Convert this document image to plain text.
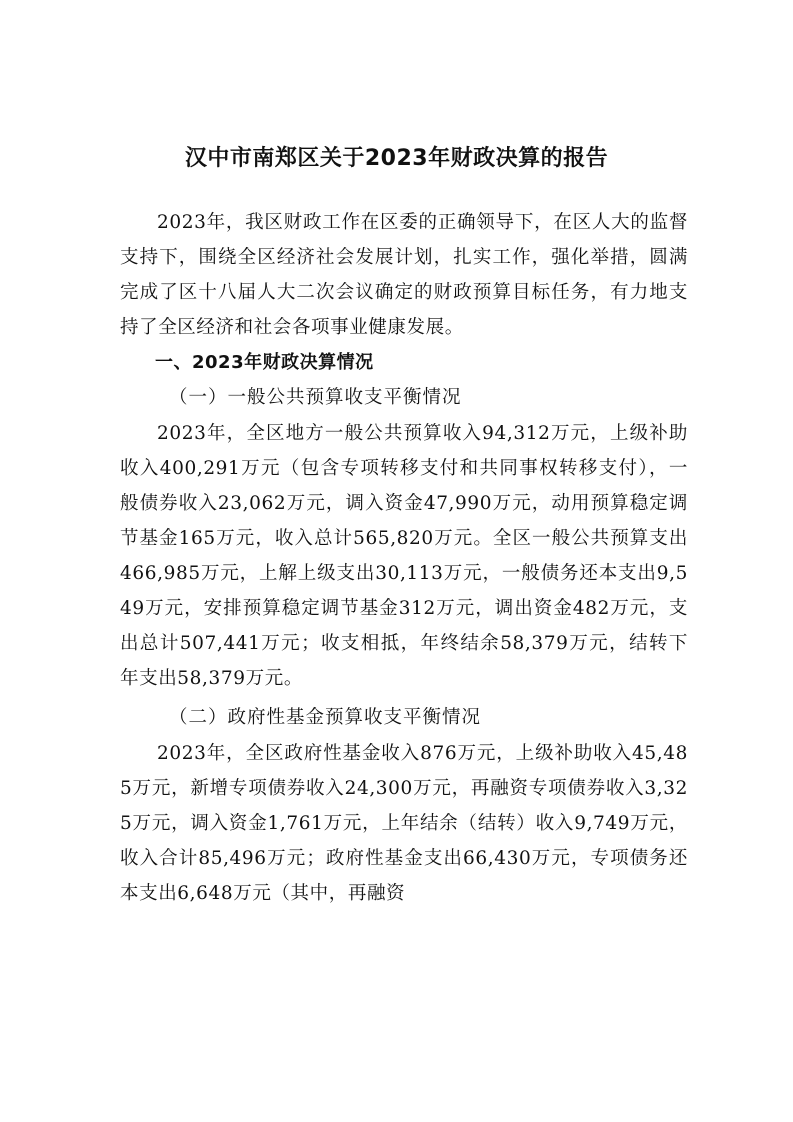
汉中市南郑区关于2023年财政决算的报告

2023年，我区财政工作在区委的正确领导下，在区人大的监督支持下，围绕全区经济社会发展计划，扎实工作，强化举措，圆满完成了区十八届人大二次会议确定的财政预算目标任务，有力地支持了全区经济和社会各项事业健康发展。

一、2023年财政决算情况
（一）一般公共预算收支平衡情况

2023年，全区地方一般公共预算收入94,312万元，上级补助收入400,291万元（包含专项转移支付和共同事权转移支付），一般债券收入23,062万元，调入资金47,990万元，动用预算稳定调节基金165万元，收入总计565,820万元。全区一般公共预算支出466,985万元，上解上级支出30,113万元，一般债务还本支出9,549万元，安排预算稳定调节基金312万元，调出资金482万元，支出总计507,441万元；收支相抵，年终结余58,379万元，结转下年支出58,379万元。

（二）政府性基金预算收支平衡情况

2023年，全区政府性基金收入876万元，上级补助收入45,485万元，新增专项债券收入24,300万元，再融资专项债券收入3,325万元，调入资金1,761万元，上年结余（结转）收入9,749万元，收入合计85,496万元；政府性基金支出66,430万元，专项债务还本支出6,648万元（其中，再融资
